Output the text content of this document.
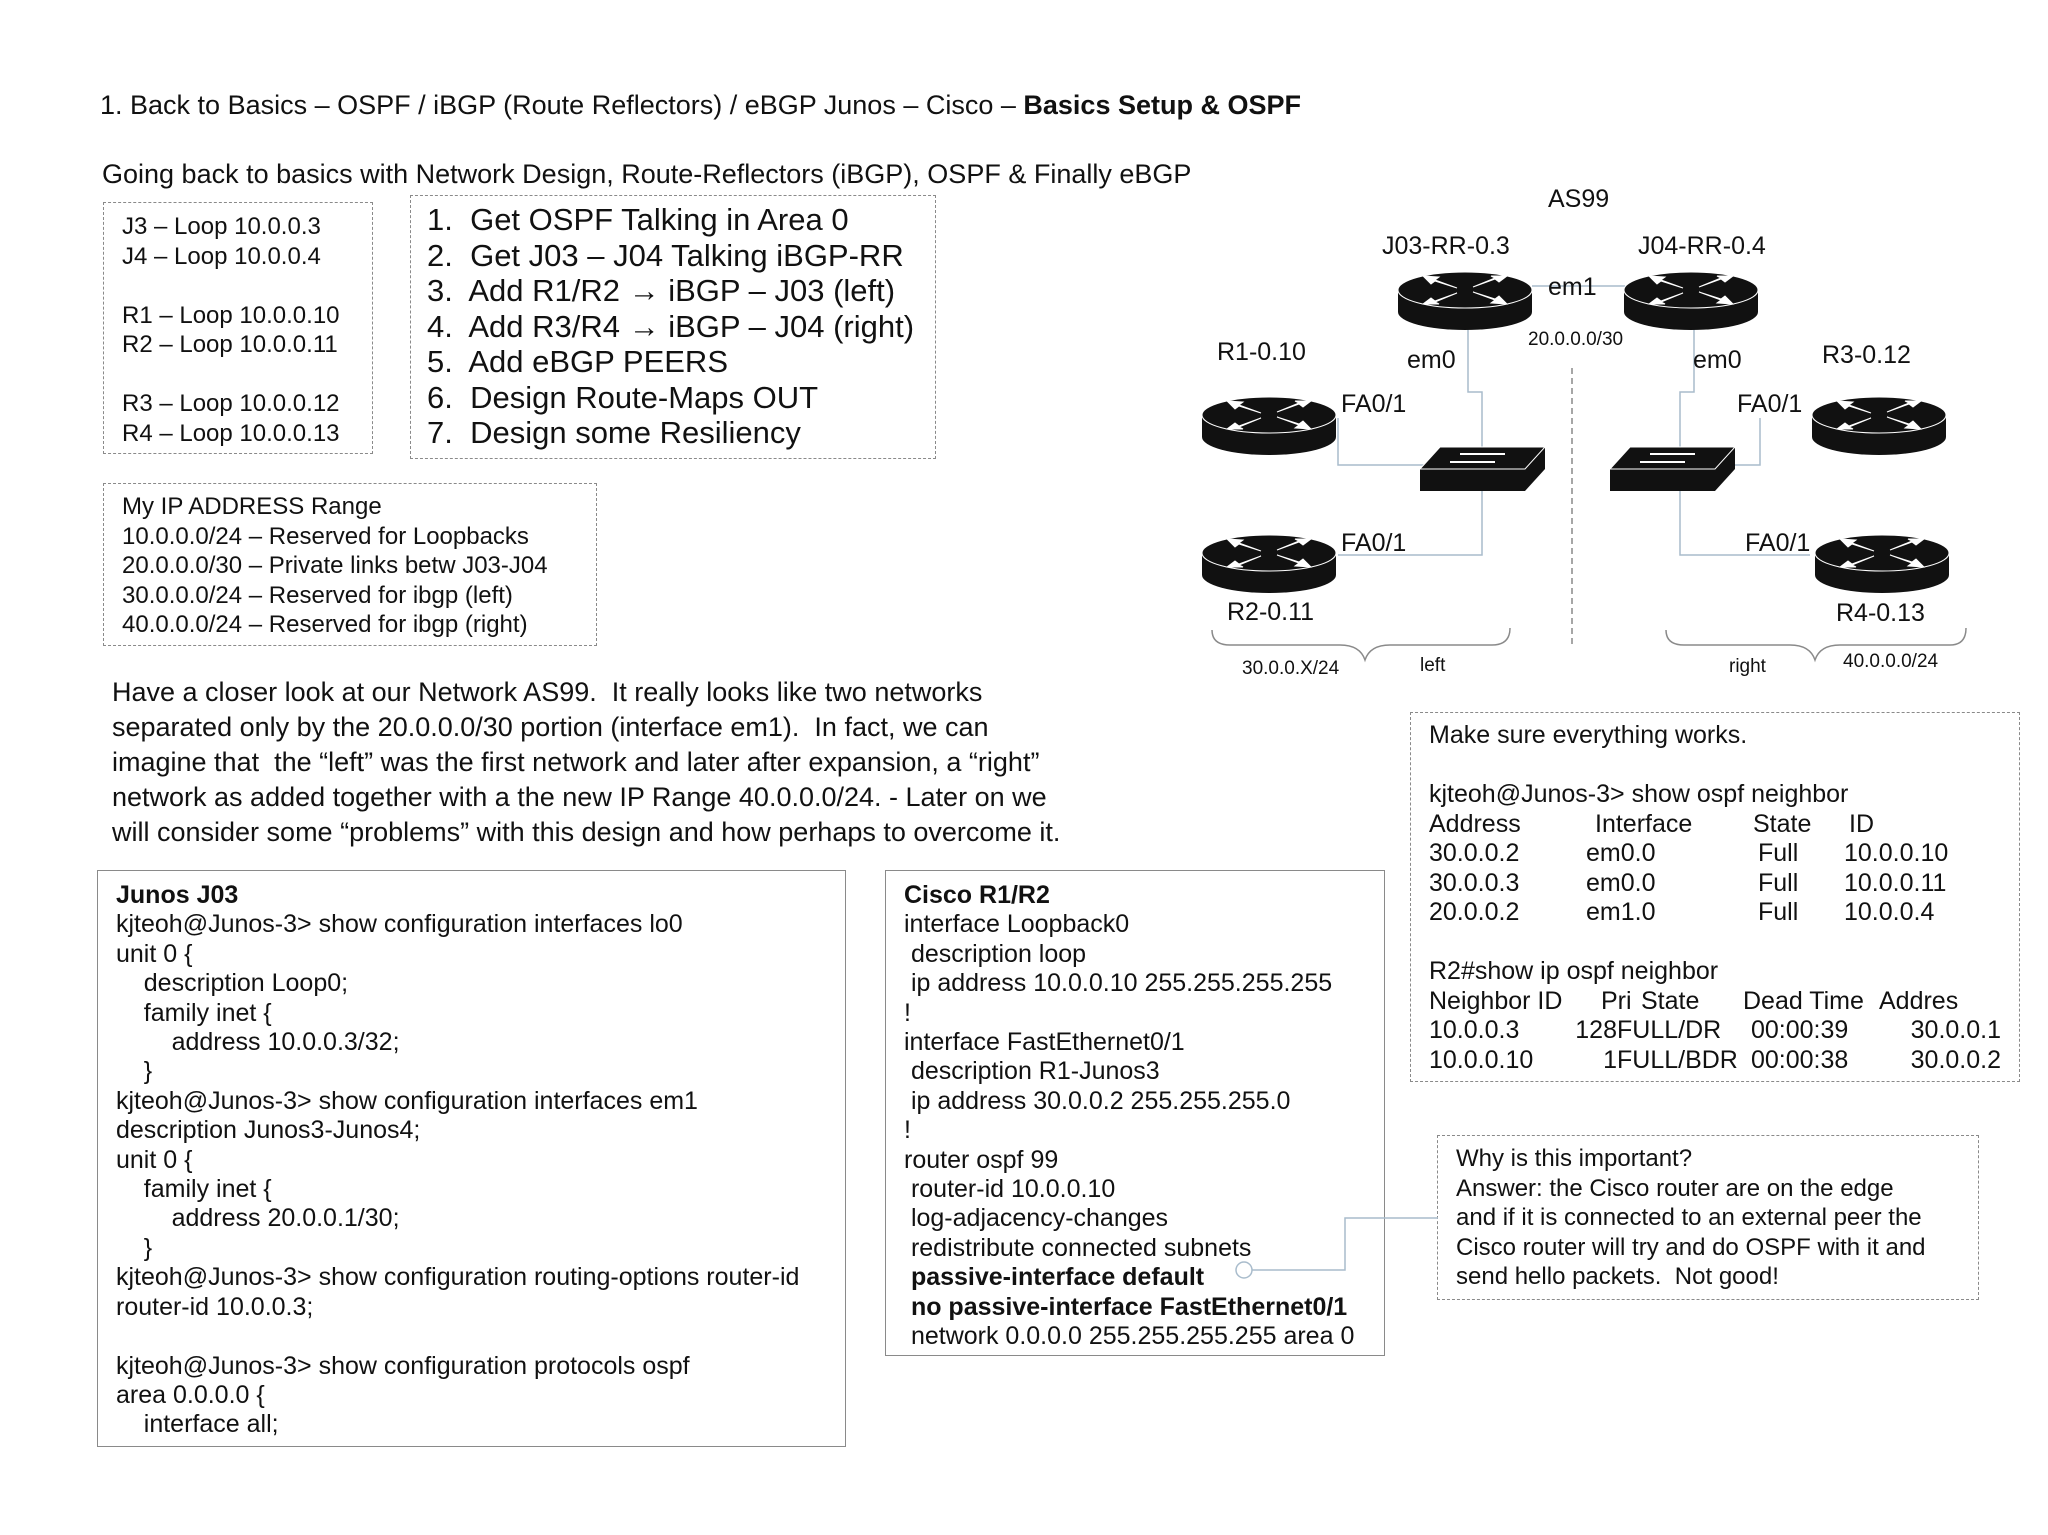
1. Back to Basics – OSPF / iBGP (Route Reflectors) / eBGP Junos – Cisco – Basics Setup & OSPF
Going back to basics with Network Design, Route-Reflectors (iBGP), OSPF & Finally eBGP
J3 – Loop 10.0.0.3
J4 – Loop 10.0.0.4

R1 – Loop 10.0.0.10
R2 – Loop 10.0.0.11

R3 – Loop 10.0.0.12
R4 – Loop 10.0.0.13
1.  Get OSPF Talking in Area 0
2.  Get J03 – J04 Talking iBGP-RR
3.  Add R1/R2 → iBGP – J03 (left)
4.  Add R3/R4 → iBGP – J04 (right)
5.  Add eBGP PEERS
6.  Design Route-Maps OUT
7.  Design some Resiliency
My IP ADDRESS Range
10.0.0.0/24 – Reserved for Loopbacks
20.0.0.0/30 – Private links betw J03-J04
30.0.0.0/24 – Reserved for ibgp (left)
40.0.0.0/24 – Reserved for ibgp (right)
Have a closer look at our Network AS99.  It really looks like two networks
separated only by the 20.0.0.0/30 portion (interface em1).  In fact, we can
imagine that  the “left” was the first network and later after expansion, a “right”
network as added together with a the new IP Range 40.0.0.0/24. - Later on we
will consider some “problems” with this design and how perhaps to overcome it.
Junos J03
kjteoh@Junos-3> show configuration interfaces lo0
unit 0 {
description Loop0;
family inet {
address 10.0.0.3/32;
}
kjteoh@Junos-3> show configuration interfaces em1
description Junos3-Junos4;
unit 0 {
family inet {
address 20.0.0.1/30;
}
kjteoh@Junos-3> show configuration routing-options router-id
router-id 10.0.0.3;

kjteoh@Junos-3> show configuration protocols ospf
area 0.0.0.0 {
interface all;
Cisco R1/R2
interface Loopback0
description loop
ip address 10.0.0.10 255.255.255.255
!
interface FastEthernet0/1
description R1-Junos3
ip address 30.0.0.2 255.255.255.0
!
router ospf 99
router-id 10.0.0.10
log-adjacency-changes
redistribute connected subnets
passive-interface default
no passive-interface FastEthernet0/1
network 0.0.0.0 255.255.255.255 area 0
Make sure everything works.
kjteoh@Junos-3> show ospf neighbor
Address	Interface	State	ID
30.0.0.2	em0.0	Full	10.0.0.10
30.0.0.3	em0.0	Full	10.0.0.11
20.0.0.2	em1.0	Full	10.0.0.4
R2#show ip ospf neighbor
Neighbor ID	Pri State	Dead Time Addres
10.0.0.3	128 FULL/DR	00:00:39	30.0.0.1
10.0.0.10	1 FULL/BDR 00:00:38	30.0.0.2
Why is this important?
Answer: the Cisco router are on the edge
and if it is connected to an external peer the
Cisco router will try and do OSPF with it and
send hello packets.  Not good!
AS99
J03-RR-0.3	J04-RR-0.4
em1
20.0.0.0/30
em0	em0
R1-0.10
R2-0.11
R3-0.12
R4-0.13
FA0/1
FA0/1
FA0/1
FA0/1
30.0.0.X/24	left	right	40.0.0.0/24
